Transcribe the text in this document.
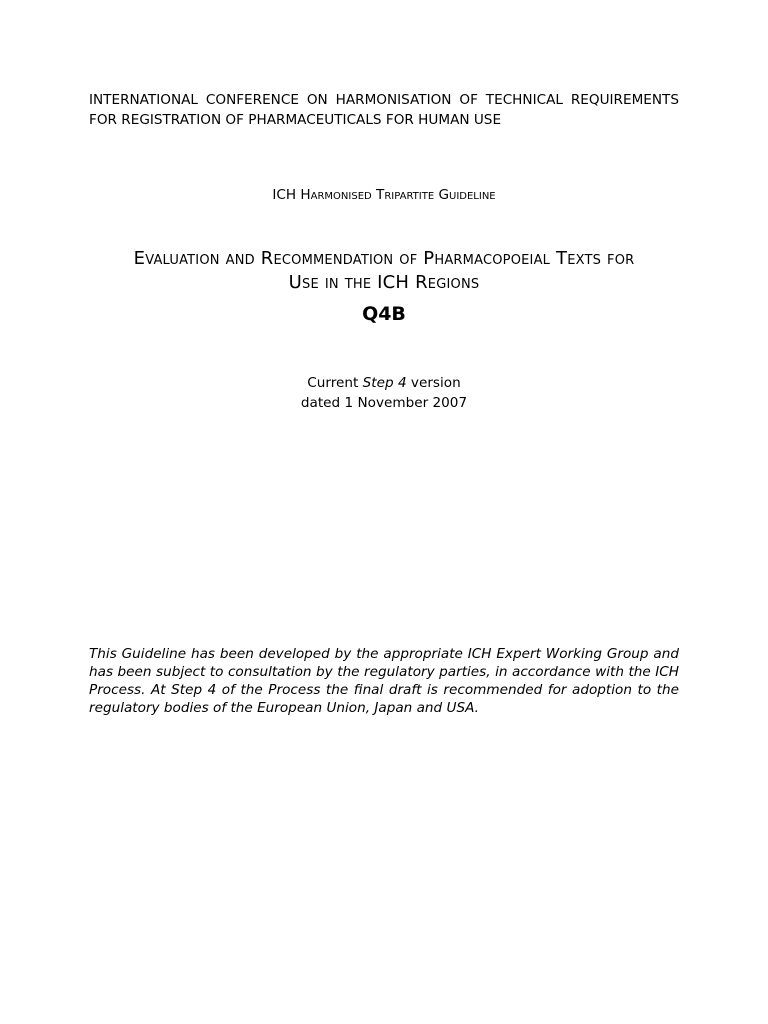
INTERNATIONAL CONFERENCE ON HARMONISATION OF TECHNICAL REQUIREMENTS
FOR REGISTRATION OF PHARMACEUTICALS FOR HUMAN USE
ICH Harmonised Tripartite Guideline
Evaluation and Recommendation of Pharmacopoeial Texts for
Use in the ICH Regions
Q4B
Current Step 4 version
dated 1 November 2007
This Guideline has been developed by the appropriate ICH Expert Working Group and has been subject to consultation by the regulatory parties, in accordance with the ICH Process. At Step 4 of the Process the final draft is recommended for adoption to the regulatory bodies of the European Union, Japan and USA.
